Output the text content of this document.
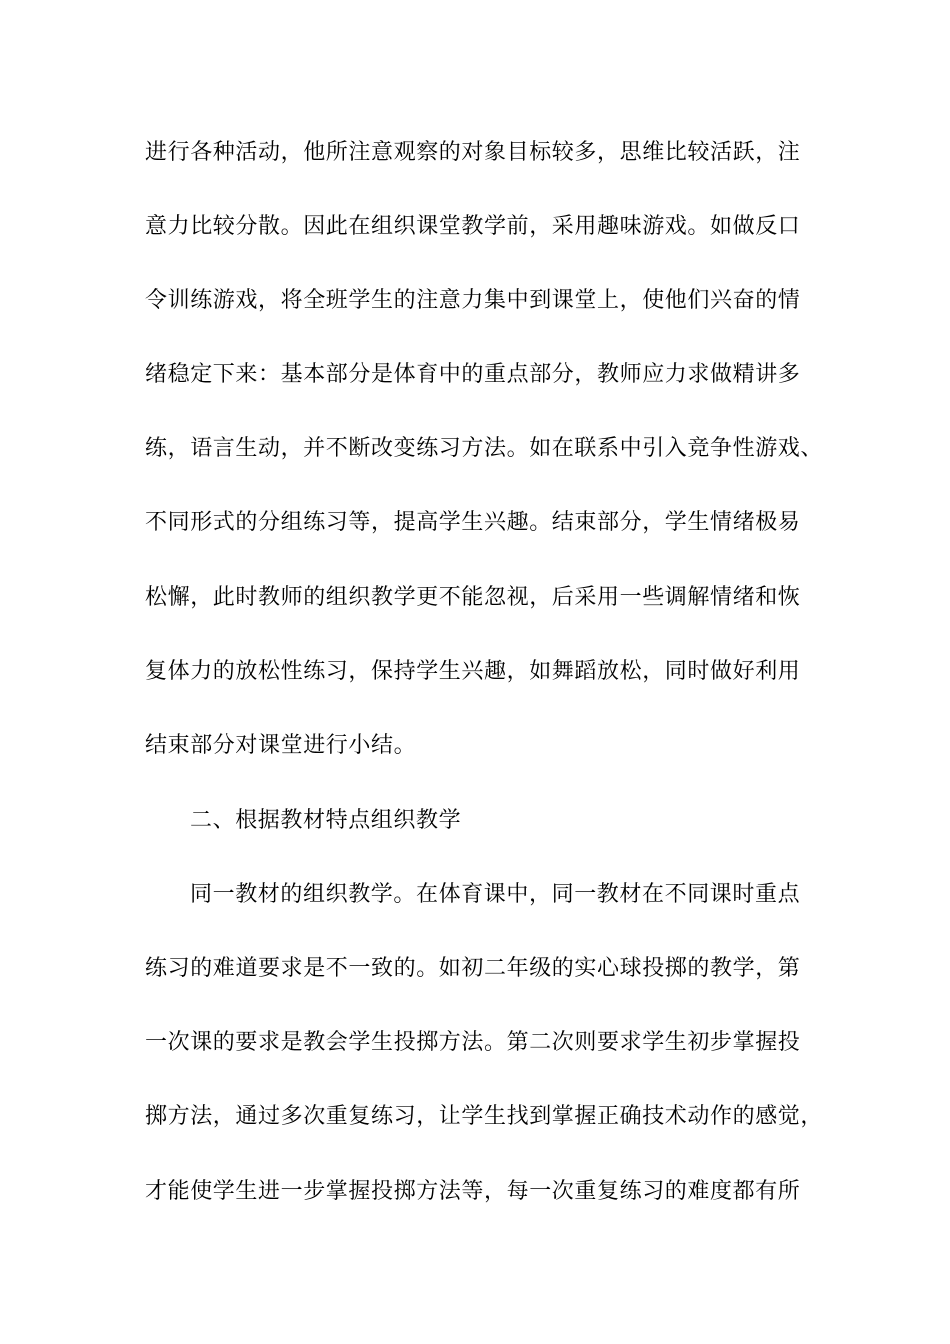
进行各种活动，他所注意观察的对象目标较多，思维比较活跃，注
意力比较分散。因此在组织课堂教学前，采用趣味游戏。如做反口
令训练游戏，将全班学生的注意力集中到课堂上，使他们兴奋的情
绪稳定下来：基本部分是体育中的重点部分，教师应力求做精讲多
练，语言生动，并不断改变练习方法。如在联系中引入竞争性游戏、
不同形式的分组练习等，提高学生兴趣。结束部分，学生情绪极易
松懈，此时教师的组织教学更不能忽视，后采用一些调解情绪和恢
复体力的放松性练习，保持学生兴趣，如舞蹈放松，同时做好利用
结束部分对课堂进行小结。
二、根据教材特点组织教学
同一教材的组织教学。在体育课中，同一教材在不同课时重点
练习的难道要求是不一致的。如初二年级的实心球投掷的教学，第
一次课的要求是教会学生投掷方法。第二次则要求学生初步掌握投
掷方法，通过多次重复练习，让学生找到掌握正确技术动作的感觉，
才能使学生进一步掌握投掷方法等，每一次重复练习的难度都有所
